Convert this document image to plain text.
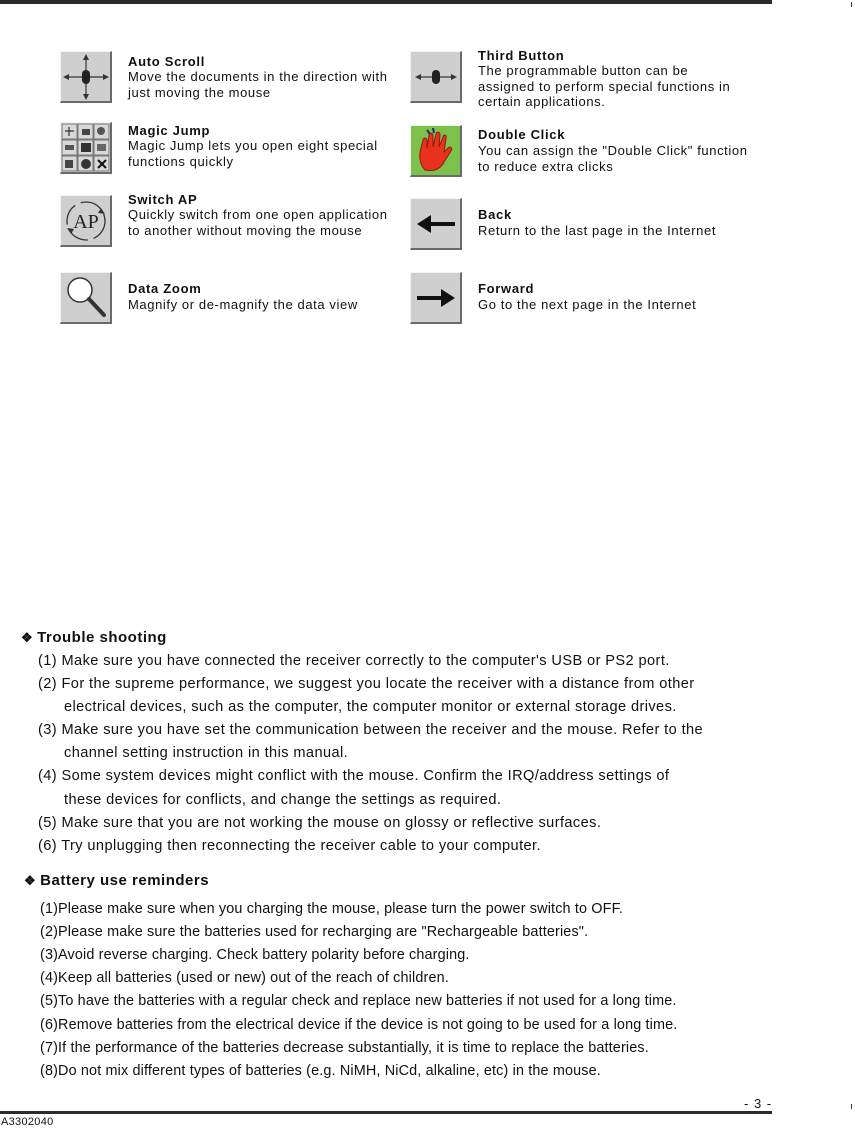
Auto Scroll
Move the documents in the direction with just moving the mouse
Third Button
The programmable button can be assigned to perform special functions in certain applications.
Magic Jump
Magic Jump lets you open eight special functions quickly
Double Click
You can assign the "Double Click" function to reduce extra clicks
AP
Switch AP
Quickly switch from one open application to another without moving the mouse
Back
Return to the last page in the Internet
Data Zoom
Magnify or de-magnify the data view
Forward
Go to the next page in the Internet
❖ Trouble shooting
(1) Make sure you have connected the receiver correctly to the computer's USB or PS2 port.
(2) For the supreme performance, we suggest you locate the receiver with a distance from other
electrical devices, such as the computer, the computer monitor or external storage drives.
(3) Make sure you have set the communication between the receiver and the mouse. Refer to the
channel setting instruction in this manual.
(4) Some system devices might conflict with the mouse. Confirm the IRQ/address settings of
these devices for conflicts, and change the settings as required.
(5) Make sure that you are not working the mouse on glossy or reflective surfaces.
(6) Try unplugging then reconnecting the receiver cable to your computer.
❖ Battery use reminders
(1)Please make sure when you charging the mouse, please turn the power switch to OFF.
(2)Please make sure the batteries used for recharging are "Rechargeable batteries".
(3)Avoid reverse charging. Check battery polarity before charging.
(4)Keep all batteries (used or new) out of the reach of children.
(5)To have the batteries with a regular check and replace new batteries if not used for a long time.
(6)Remove batteries from the electrical device if the device is not going to be used for a long time.
(7)If the performance of the batteries decrease substantially, it is time to replace the batteries.
(8)Do not mix different types of batteries (e.g. NiMH, NiCd, alkaline, etc) in the mouse.
- 3 -
A3302040
